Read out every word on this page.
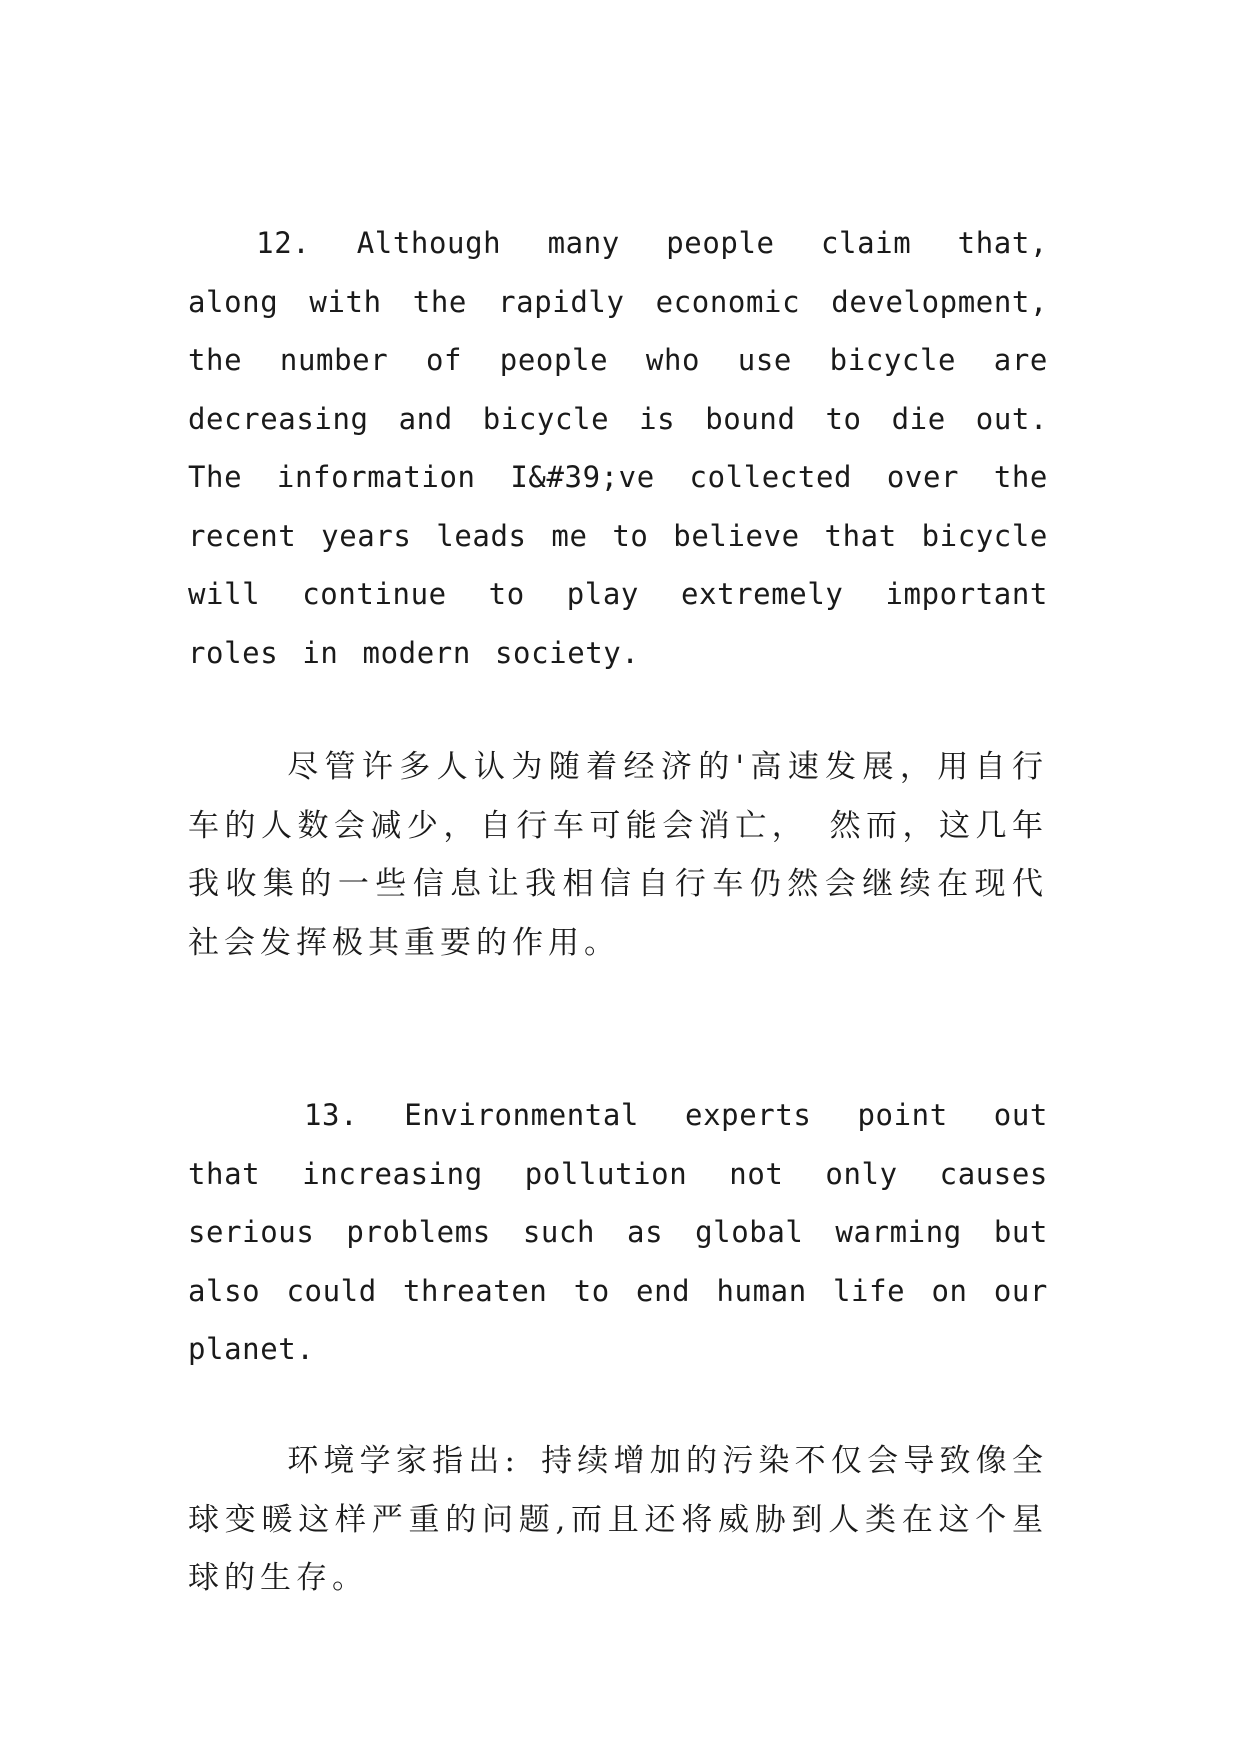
12. Although many people claim that, along with the rapidly economic development, the number of people who use bicycle are decreasing and bicycle is bound to die out. The information I&#39;ve collected over the recent years leads me to believe that bicycle will continue to play extremely important roles in modern society.

尽管许多人认为随着经济的'高速发展，用自行车的人数会减少，自行车可能会消亡， 然而，这几年我收集的一些信息让我相信自行车仍然会继续在现代社会发挥极其重要的作用。

13. Environmental experts point out that increasing pollution not only causes serious problems such as global warming but also could threaten to end human life on our planet.

环境学家指出: 持续增加的污染不仅会导致像全球变暖这样严重的问题,而且还将威胁到人类在这个星球的生存。
